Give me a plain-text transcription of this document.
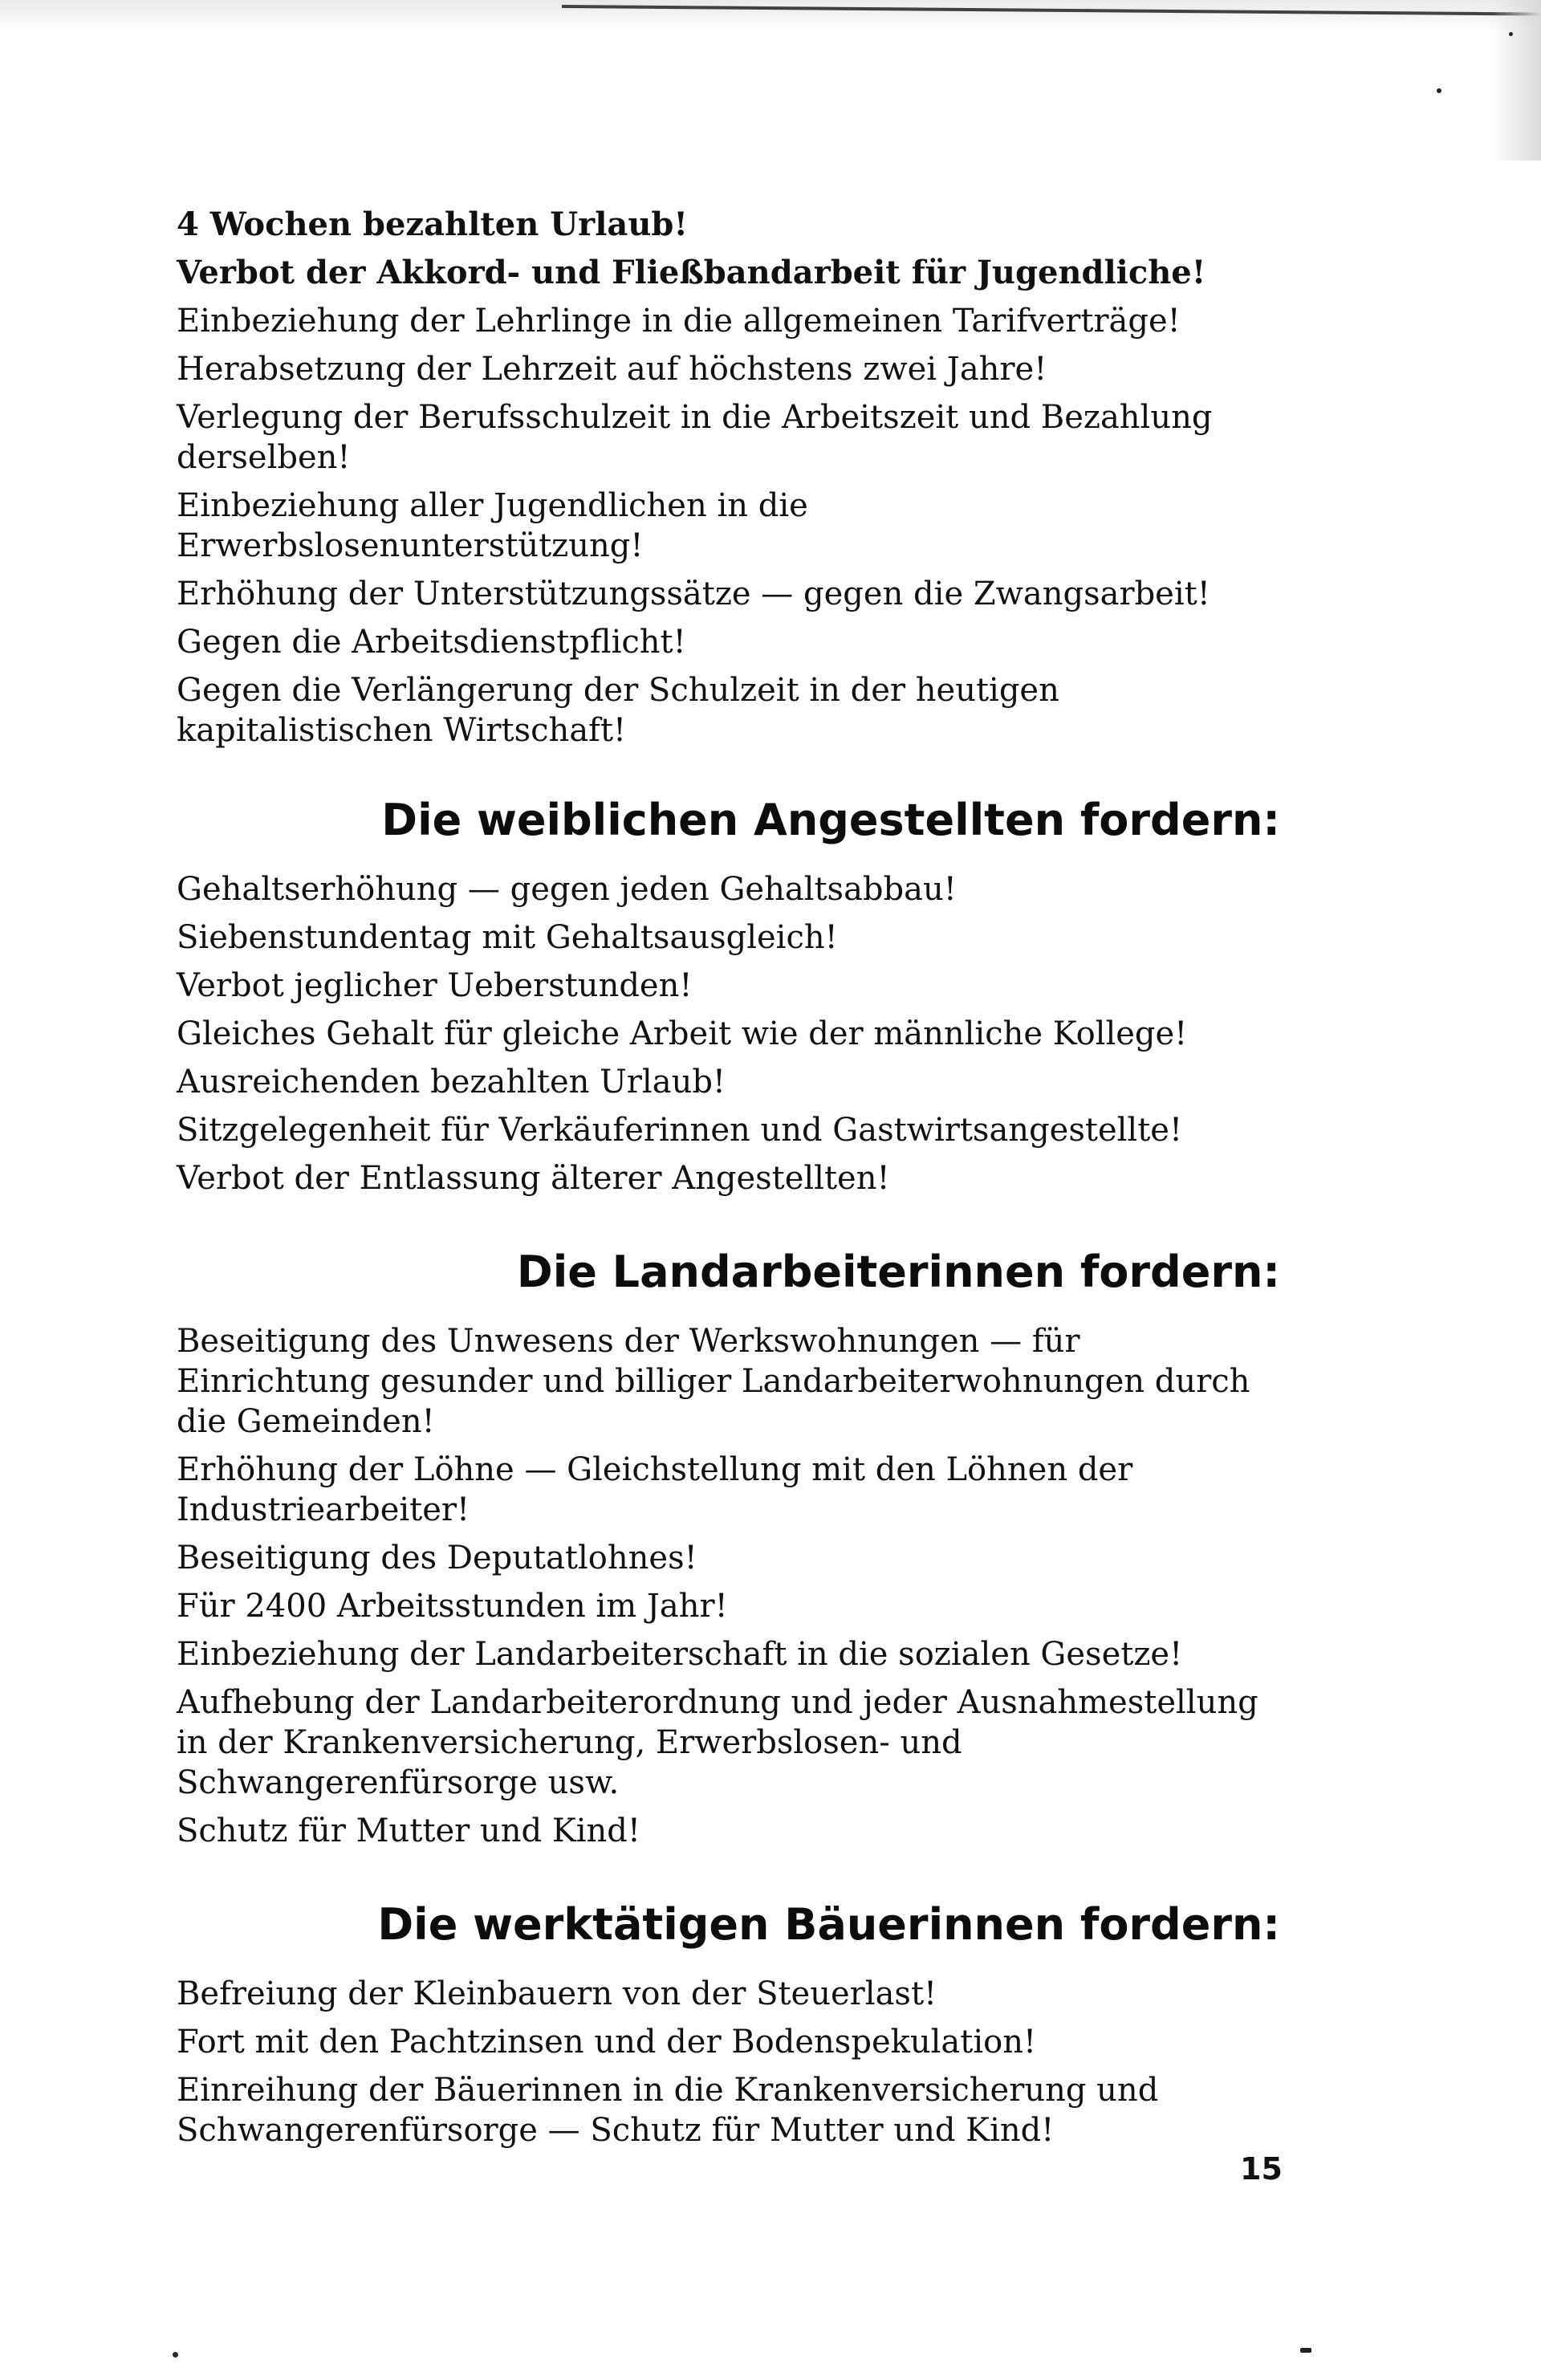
4 Wochen bezahlten Urlaub!

Verbot der Akkord- und Fließbandarbeit für Jugendliche!

Einbeziehung der Lehrlinge in die allgemeinen Tarifverträge!

Herabsetzung der Lehrzeit auf höchstens zwei Jahre!

Verlegung der Berufsschulzeit in die Arbeitszeit und Bezahlung derselben!

Einbeziehung aller Jugendlichen in die Erwerbslosenunterstützung!

Erhöhung der Unterstützungssätze — gegen die Zwangsarbeit!

Gegen die Arbeitsdienstpflicht!

Gegen die Verlängerung der Schulzeit in der heutigen kapitalistischen Wirtschaft!

Die weiblichen Angestellten fordern:

Gehaltserhöhung — gegen jeden Gehaltsabbau!

Siebenstundentag mit Gehaltsausgleich!

Verbot jeglicher Ueberstunden!

Gleiches Gehalt für gleiche Arbeit wie der männliche Kollege!

Ausreichenden bezahlten Urlaub!

Sitzgelegenheit für Verkäuferinnen und Gastwirtsangestellte!

Verbot der Entlassung älterer Angestellten!

Die Landarbeiterinnen fordern:

Beseitigung des Unwesens der Werkswohnungen — für Einrichtung gesunder und billiger Landarbeiterwohnungen durch die Gemeinden!

Erhöhung der Löhne — Gleichstellung mit den Löhnen der Industriearbeiter!

Beseitigung des Deputatlohnes!

Für 2400 Arbeitsstunden im Jahr!

Einbeziehung der Landarbeiterschaft in die sozialen Gesetze!

Aufhebung der Landarbeiterordnung und jeder Ausnahmestellung in der Krankenversicherung, Erwerbslosen- und Schwangerenfürsorge usw.

Schutz für Mutter und Kind!

Die werktätigen Bäuerinnen fordern:

Befreiung der Kleinbauern von der Steuerlast!

Fort mit den Pachtzinsen und der Bodenspekulation!

Einreihung der Bäuerinnen in die Krankenversicherung und Schwangerenfürsorge — Schutz für Mutter und Kind!

15
